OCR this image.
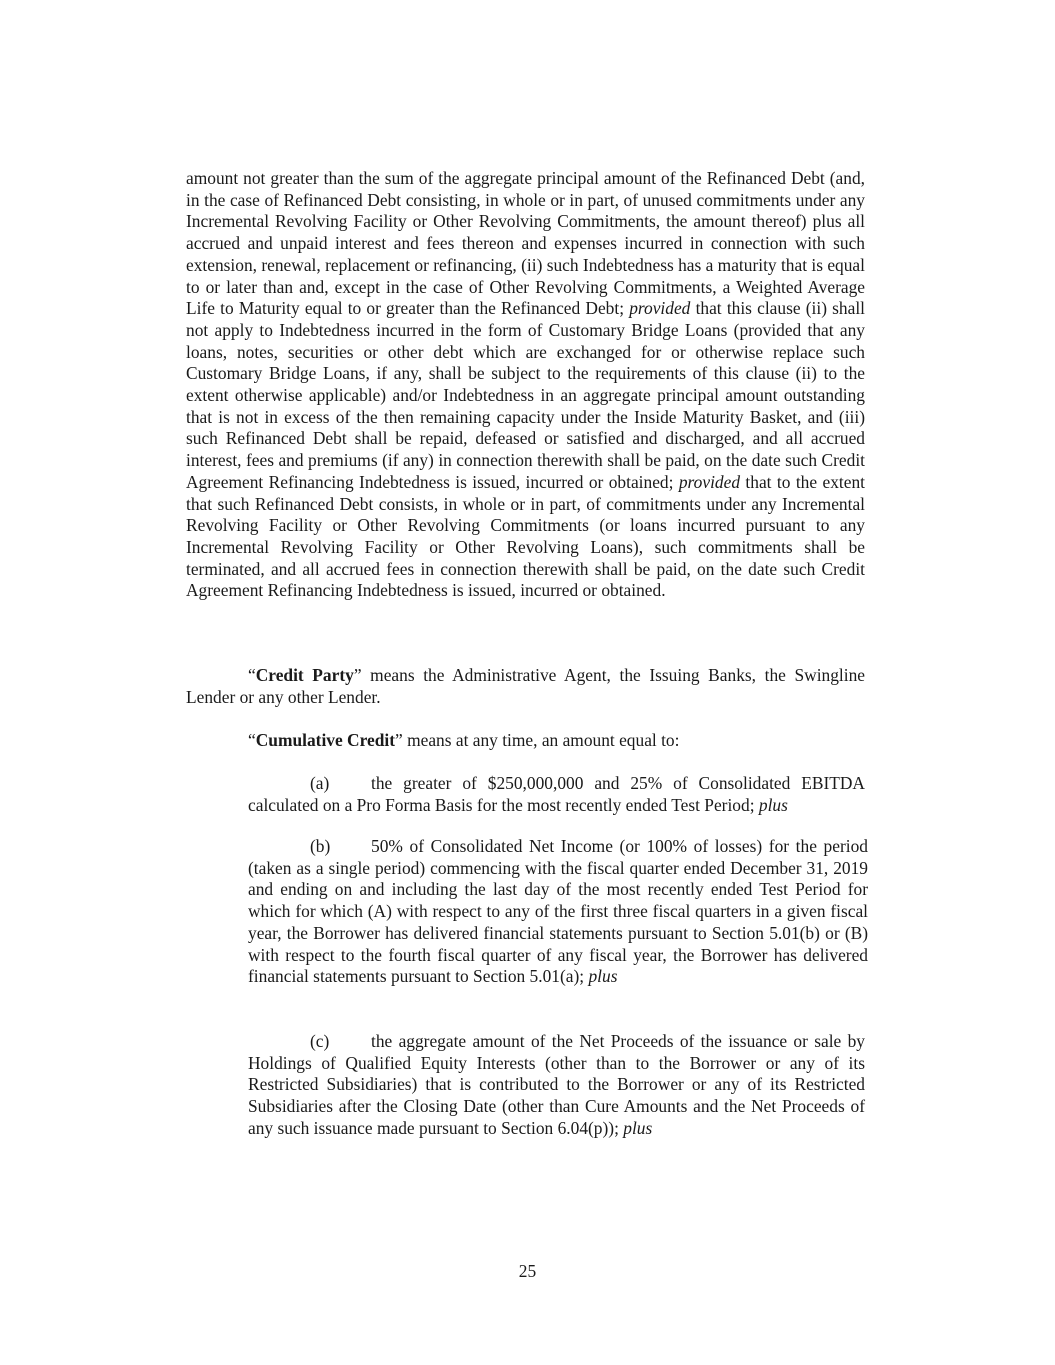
amount not greater than the sum of the aggregate principal amount of the Refinanced Debt (and, in the case of Refinanced Debt consisting, in whole or in part, of unused commitments under any Incremental Revolving Facility or Other Revolving Commitments, the amount thereof) plus all accrued and unpaid interest and fees thereon and expenses incurred in connection with such extension, renewal, replacement or refinancing, (ii) such Indebtedness has a maturity that is equal to or later than and, except in the case of Other Revolving Commitments, a Weighted Average Life to Maturity equal to or greater than the Refinanced Debt; provided that this clause (ii) shall not apply to Indebtedness incurred in the form of Customary Bridge Loans (provided that any loans, notes, securities or other debt which are exchanged for or otherwise replace such Customary Bridge Loans, if any, shall be subject to the requirements of this clause (ii) to the extent otherwise applicable) and/or Indebtedness in an aggregate principal amount outstanding that is not in excess of the then remaining capacity under the Inside Maturity Basket, and (iii) such Refinanced Debt shall be repaid, defeased or satisfied and discharged, and all accrued interest, fees and premiums (if any) in connection therewith shall be paid, on the date such Credit Agreement Refinancing Indebtedness is issued, incurred or obtained; provided that to the extent that such Refinanced Debt consists, in whole or in part, of commitments under any Incremental Revolving Facility or Other Revolving Commitments (or loans incurred pursuant to any Incremental Revolving Facility or Other Revolving Loans), such commitments shall be terminated, and all accrued fees in connection therewith shall be paid, on the date such Credit Agreement Refinancing Indebtedness is issued, incurred or obtained.

“Credit Party” means the Administrative Agent, the Issuing Banks, the Swingline Lender or any other Lender.

“Cumulative Credit” means at any time, an amount equal to:

(a) the greater of $250,000,000 and 25% of Consolidated EBITDA calculated on a Pro Forma Basis for the most recently ended Test Period; plus

(b) 50% of Consolidated Net Income (or 100% of losses) for the period (taken as a single period) commencing with the fiscal quarter ended December 31, 2019 and ending on and including the last day of the most recently ended Test Period for which for which (A) with respect to any of the first three fiscal quarters in a given fiscal year, the Borrower has delivered financial statements pursuant to Section 5.01(b) or (B) with respect to the fourth fiscal quarter of any fiscal year, the Borrower has delivered financial statements pursuant to Section 5.01(a); plus

(c) the aggregate amount of the Net Proceeds of the issuance or sale by Holdings of Qualified Equity Interests (other than to the Borrower or any of its Restricted Subsidiaries) that is contributed to the Borrower or any of its Restricted Subsidiaries after the Closing Date (other than Cure Amounts and the Net Proceeds of any such issuance made pursuant to Section 6.04(p)); plus

25
